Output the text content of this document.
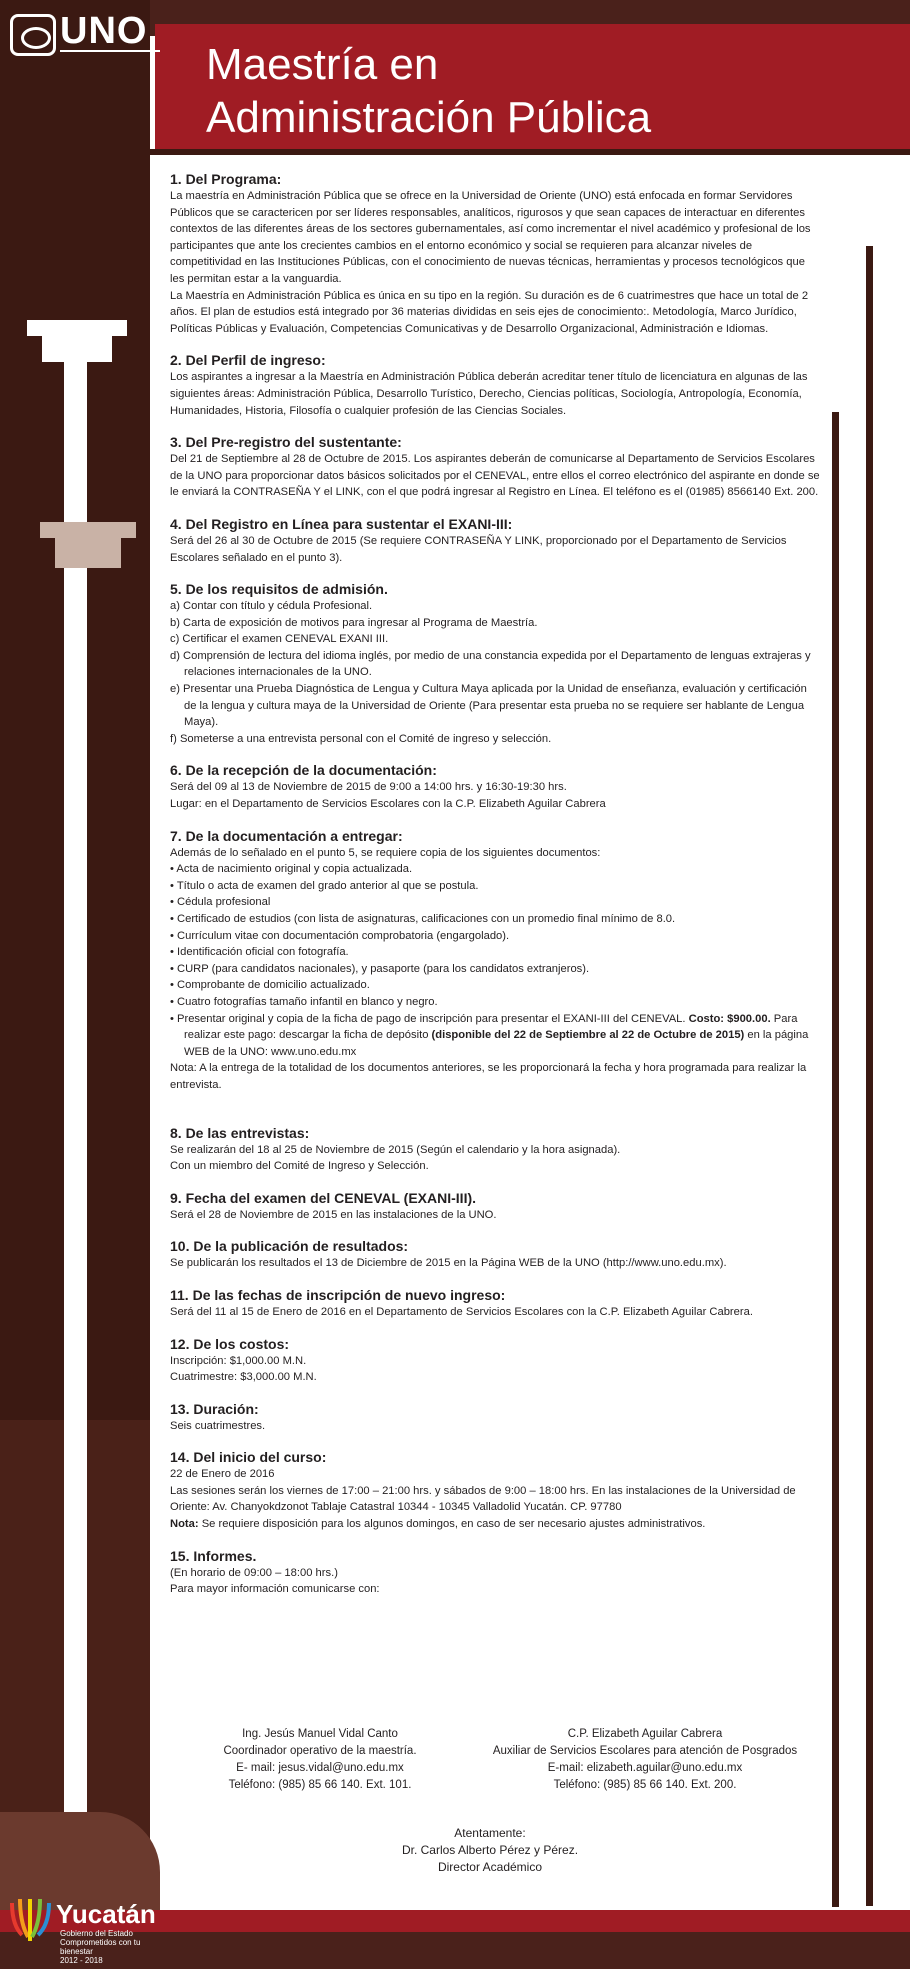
UNO
Maestría en
Administración Pública
1. Del Programa:

La maestría en Administración Pública que se ofrece en la Universidad de Oriente (UNO) está enfocada en formar Servidores Públicos que se caractericen por ser líderes responsables, analíticos, rigurosos y que sean capaces de interactuar en diferentes contextos de las diferentes áreas de los sectores gubernamentales, así como incrementar el nivel académico y profesional de los participantes que ante los crecientes cambios en el entorno económico y social se requieren para alcanzar niveles de competitividad en las Instituciones Públicas, con el conocimiento de nuevas técnicas, herramientas y procesos tecnológicos que les permitan estar a la vanguardia.

La Maestría en Administración Pública es única en su tipo en la región. Su duración es de 6 cuatrimestres que hace un total de 2 años. El plan de estudios está integrado por 36 materias divididas en seis ejes de conocimiento:. Metodología, Marco Jurídico, Políticas Públicas y Evaluación, Competencias Comunicativas y de Desarrollo Organizacional, Administración e Idiomas.

2. Del Perfil de ingreso:

Los aspirantes a ingresar a la Maestría en Administración Pública deberán acreditar tener título de licenciatura en algunas de las siguientes áreas: Administración Pública, Desarrollo Turístico, Derecho, Ciencias políticas, Sociología, Antropología, Economía, Humanidades, Historia, Filosofía o cualquier profesión de las Ciencias Sociales.

3. Del Pre-registro del sustentante:

Del 21 de Septiembre al 28 de Octubre de 2015. Los aspirantes deberán de comunicarse al Departamento de Servicios Escolares de la UNO para proporcionar datos básicos solicitados por el CENEVAL, entre ellos el correo electrónico del aspirante en donde se le enviará la CONTRASEÑA Y el LINK, con el que podrá ingresar al Registro en Línea. El teléfono es el (01985) 8566140 Ext. 200.

4. Del Registro en Línea para sustentar el EXANI-III:

Será del 26 al 30 de Octubre de 2015 (Se requiere CONTRASEÑA Y LINK, proporcionado por el Departamento de Servicios Escolares señalado en el punto 3).

5. De los requisitos de admisión.

a) Contar con título y cédula Profesional.

b) Carta de exposición de motivos para ingresar al Programa de Maestría.

c) Certificar el examen CENEVAL EXANI III.

d) Comprensión de lectura del idioma inglés, por medio de una constancia expedida por el Departamento de lenguas extrajeras y relaciones internacionales de la UNO.

e) Presentar una Prueba Diagnóstica de Lengua y Cultura Maya aplicada por la Unidad de enseñanza, evaluación y certificación de la lengua y cultura maya de la Universidad de Oriente (Para presentar esta prueba no se requiere ser hablante de Lengua Maya).

f) Someterse a una entrevista personal con el Comité de ingreso y selección.

6. De la recepción de la documentación:

Será del 09 al 13 de Noviembre de 2015 de 9:00 a 14:00 hrs. y 16:30-19:30 hrs.

Lugar: en el Departamento de Servicios Escolares con la C.P. Elizabeth Aguilar Cabrera

7. De la documentación a entregar:

Además de lo señalado en el punto 5, se requiere copia de los siguientes documentos:

• Acta de nacimiento original y copia actualizada.

• Título o acta de examen del grado anterior al que se postula.

• Cédula profesional

• Certificado de estudios (con lista de asignaturas, calificaciones con un promedio final mínimo de 8.0.

• Currículum vitae con documentación comprobatoria (engargolado).

• Identificación oficial con fotografía.

• CURP (para candidatos nacionales), y pasaporte (para los candidatos extranjeros).

• Comprobante de domicilio actualizado.

• Cuatro fotografías tamaño infantil en blanco y negro.

• Presentar original y copia de la ficha de pago de inscripción para presentar el EXANI-III del CENEVAL. Costo: $900.00. Para realizar este pago: descargar la ficha de depósito (disponible del 22 de Septiembre al 22 de Octubre de 2015) en la página WEB de la UNO: www.uno.edu.mx

Nota: A la entrega de la totalidad de los documentos anteriores, se les proporcionará la fecha y hora programada para realizar la entrevista.

8. De las entrevistas:

Se realizarán del 18 al 25 de Noviembre de 2015 (Según el calendario y la hora asignada).

Con un miembro del Comité de Ingreso y Selección.

9. Fecha del examen del CENEVAL (EXANI-III).

Será el 28 de Noviembre de 2015 en las instalaciones de la UNO.

10. De la publicación de resultados:

Se publicarán los resultados el 13 de Diciembre de 2015 en la Página WEB de la UNO (http://www.uno.edu.mx).

11. De las fechas de inscripción de nuevo ingreso:

Será del 11 al 15 de Enero de 2016 en el Departamento de Servicios Escolares con la C.P. Elizabeth Aguilar Cabrera.

12. De los costos:

Inscripción: $1,000.00 M.N.

Cuatrimestre: $3,000.00 M.N.

13. Duración:

Seis cuatrimestres.

14. Del inicio del curso:

22 de Enero de 2016

Las sesiones serán los viernes de 17:00 – 21:00 hrs. y sábados de 9:00 – 18:00 hrs. En las instalaciones de la Universidad de Oriente: Av. Chanyokdzonot Tablaje Catastral 10344 - 10345 Valladolid Yucatán. CP. 97780

Nota: Se requiere disposición para los algunos domingos, en caso de ser necesario ajustes administrativos.

15. Informes.

(En horario de 09:00 – 18:00 hrs.)

Para mayor información comunicarse con:

Ing. Jesús Manuel Vidal Canto
Coordinador operativo de la maestría.
E- mail: jesus.vidal@uno.edu.mx
Teléfono: (985) 85 66 140. Ext. 101.
C.P. Elizabeth Aguilar Cabrera
Auxiliar de Servicios Escolares para atención de Posgrados
E-mail: elizabeth.aguilar@uno.edu.mx
Teléfono: (985) 85 66 140. Ext. 200.
Atentamente:
Dr. Carlos Alberto Pérez y Pérez.
Director Académico
Yucatán
Gobierno del Estado
Comprometidos con tu bienestar
2012 - 2018
